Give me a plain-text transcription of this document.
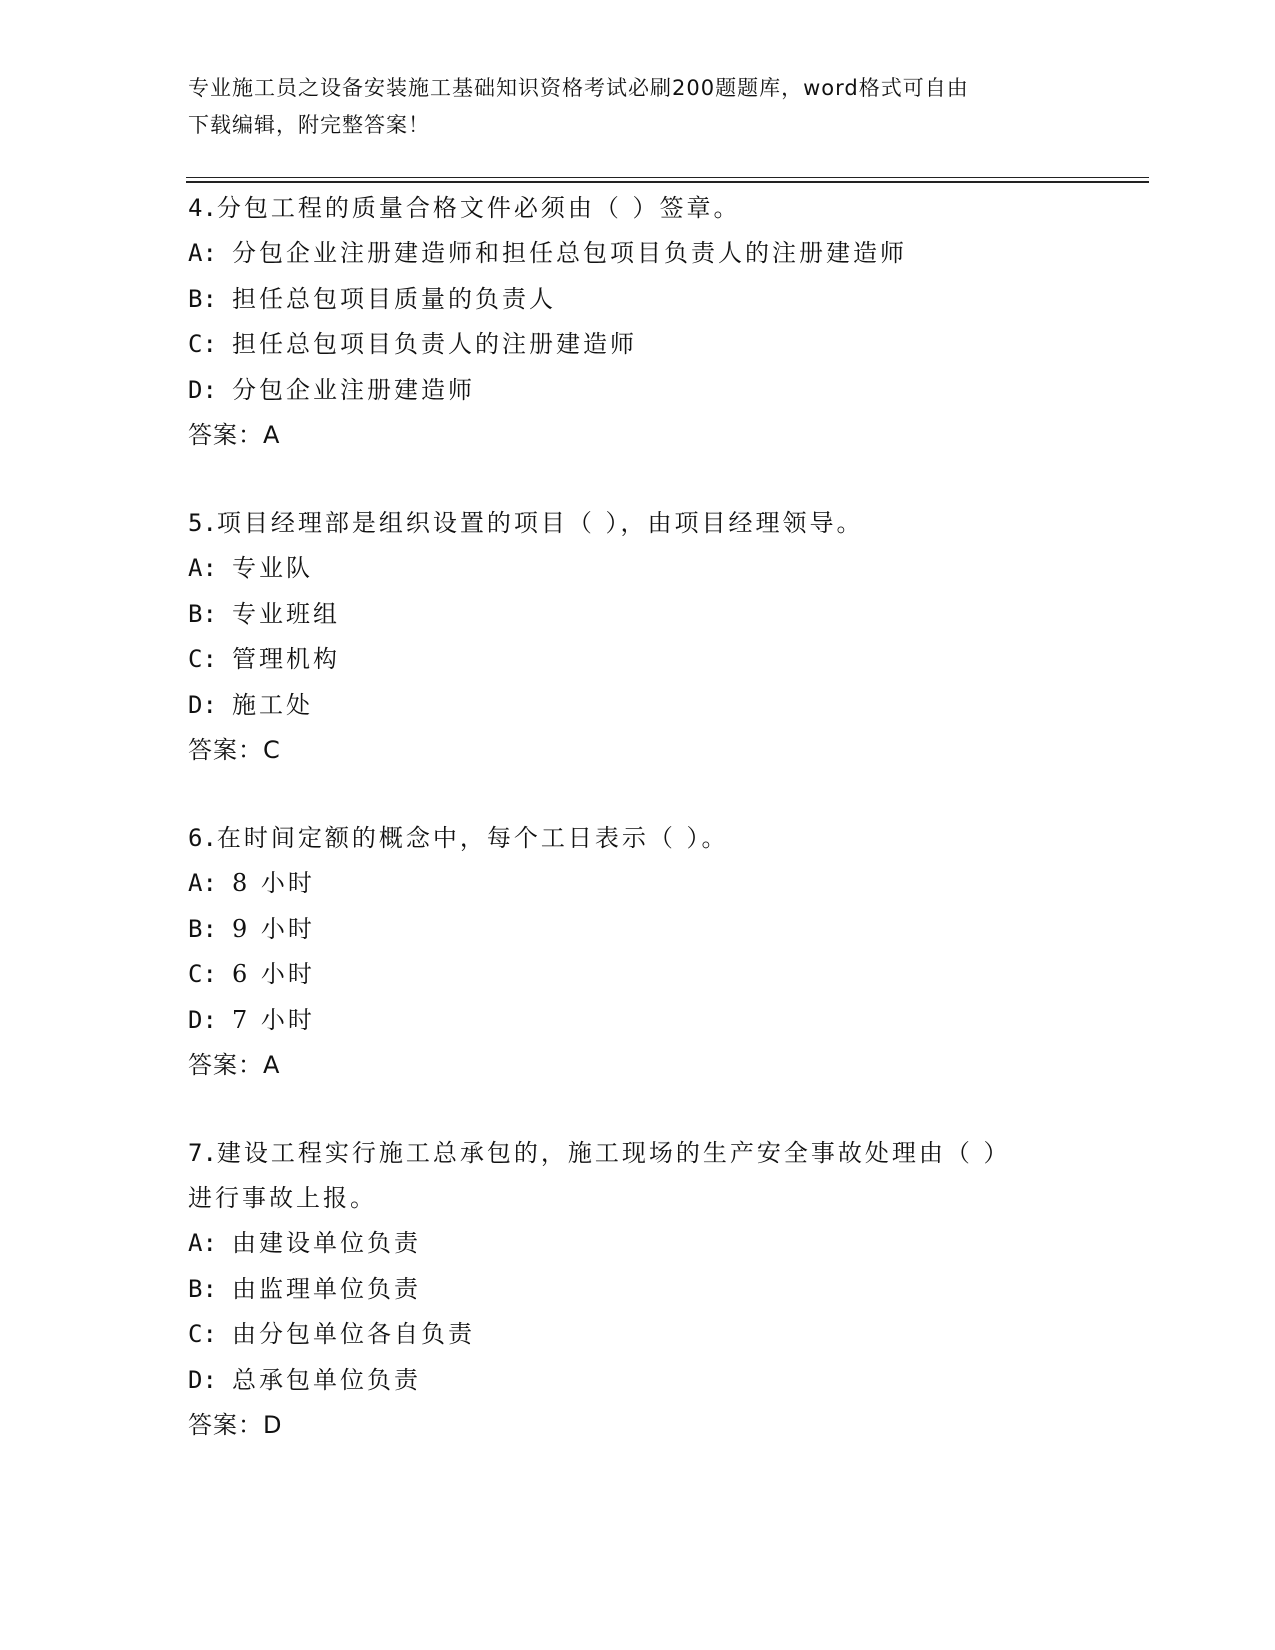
专业施工员之设备安装施工基础知识资格考试必刷200题题库，word格式可自由
下载编辑，附完整答案！
4.分包工程的质量合格文件必须由（ ）签章。
A: 分包企业注册建造师和担任总包项目负责人的注册建造师
B: 担任总包项目质量的负责人
C: 担任总包项目负责人的注册建造师
D: 分包企业注册建造师
答案：A
5.项目经理部是组织设置的项目（ ），由项目经理领导。
A: 专业队
B: 专业班组
C: 管理机构
D: 施工处
答案：C
6.在时间定额的概念中，每个工日表示（ ）。
A: 8 小时
B: 9 小时
C: 6 小时
D: 7 小时
答案：A
7.建设工程实行施工总承包的，施工现场的生产安全事故处理由（ ）
进行事故上报。
A: 由建设单位负责
B: 由监理单位负责
C: 由分包单位各自负责
D: 总承包单位负责
答案：D
